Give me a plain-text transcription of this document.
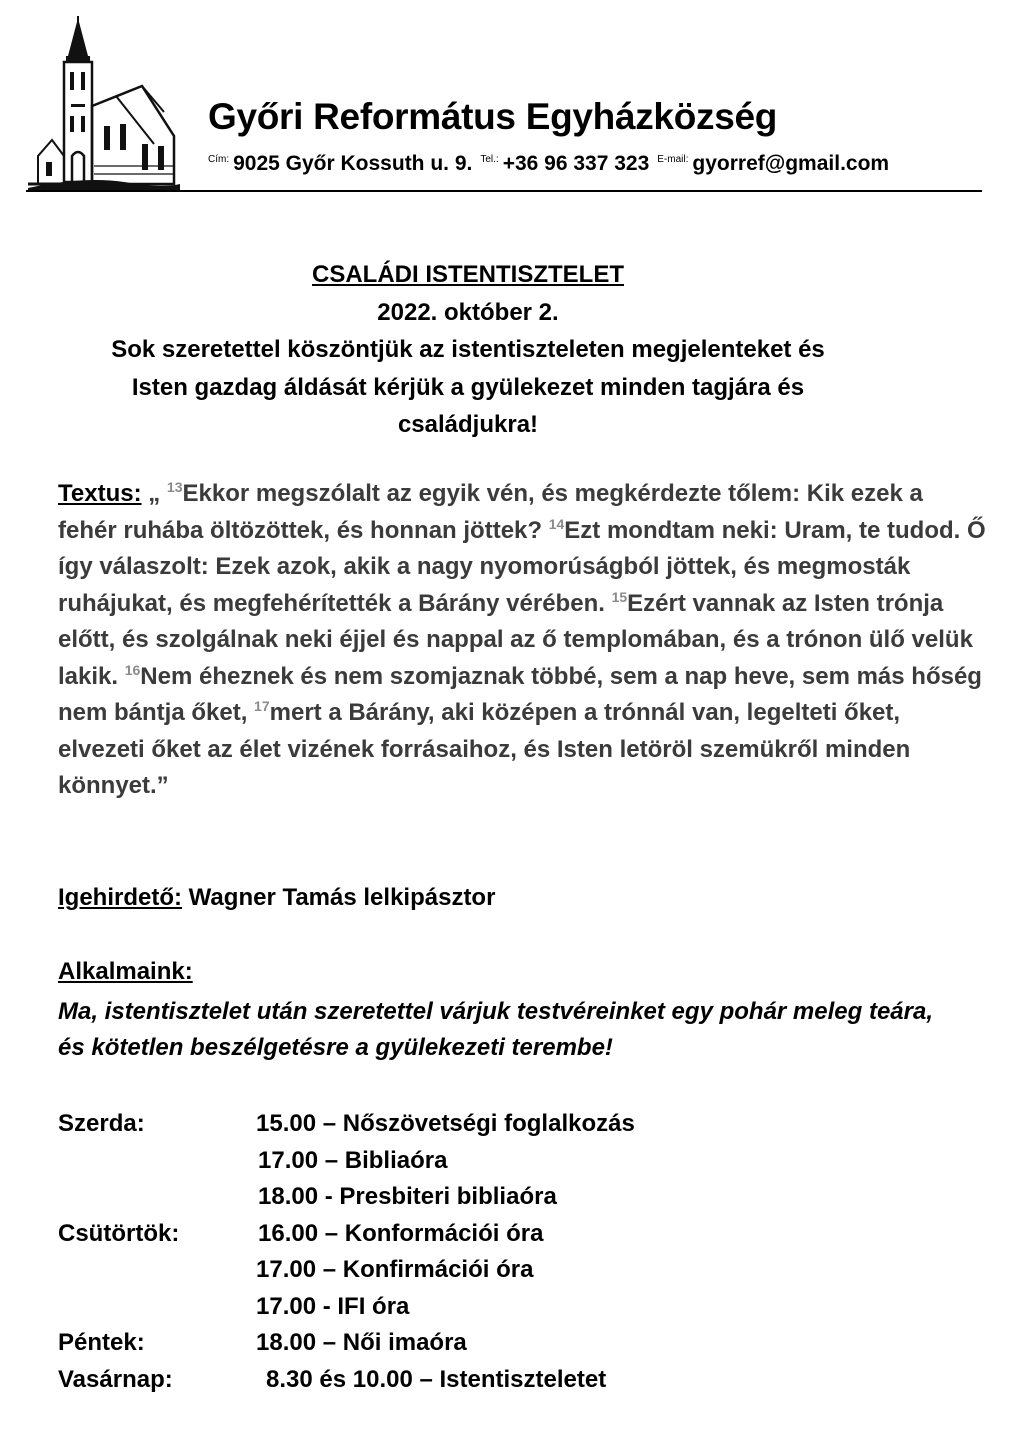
Győri Református Egyházközség
$^{Cím:}$ 9025 Győr Kossuth u. 9. $^{Tel.:}$ +36 96 337 323 $^{E-mail:}$ gyorref@gmail.com
CSALÁDI ISTENTISZTELET
2022. október 2.
Sok szeretettel köszöntjük az istentiszteleten megjelenteket és
Isten gazdag áldását kérjük a gyülekezet minden tagjára és
családjukra!
Textus: „ $^{13}$Ekkor megszólalt az egyik vén, és megkérdezte tőlem: Kik ezek a fehér ruhába öltözöttek, és honnan jöttek? $^{14}$Ezt mondtam neki: Uram, te tudod. Ő így válaszolt: Ezek azok, akik a nagy nyomorúságból jöttek, és megmosták ruhájukat, és megfehérítették a Bárány vérében. $^{15}$Ezért vannak az Isten trónja előtt, és szolgálnak neki éjjel és nappal az ő templomában, és a trónon ülő velük lakik. $^{16}$Nem éheznek és nem szomjaznak többé, sem a nap heve, sem más hőség nem bántja őket, $^{17}$mert a Bárány, aki középen a trónnál van, legelteti őket, elvezeti őket az élet vizének forrásaihoz, és Isten letöröl szemükről minden könnyet.”
Igehirdető: Wagner Tamás lelkipásztor
Alkalmaink:
Ma, istentisztelet után szeretettel várjuk testvéreinket egy pohár meleg teára, és kötetlen beszélgetésre a gyülekezeti terembe!
Szerda:	15.00 – Nőszövetségi foglalkozás
17.00 – Bibliaóra
18.00 - Presbiteri bibliaóra
Csütörtök:	16.00 – Konformációi óra
17.00 – Konfirmációi óra
17.00 - IFI óra
Péntek:	18.00 – Női imaóra
Vasárnap:	8.30 és 10.00 – Istentiszteletet
